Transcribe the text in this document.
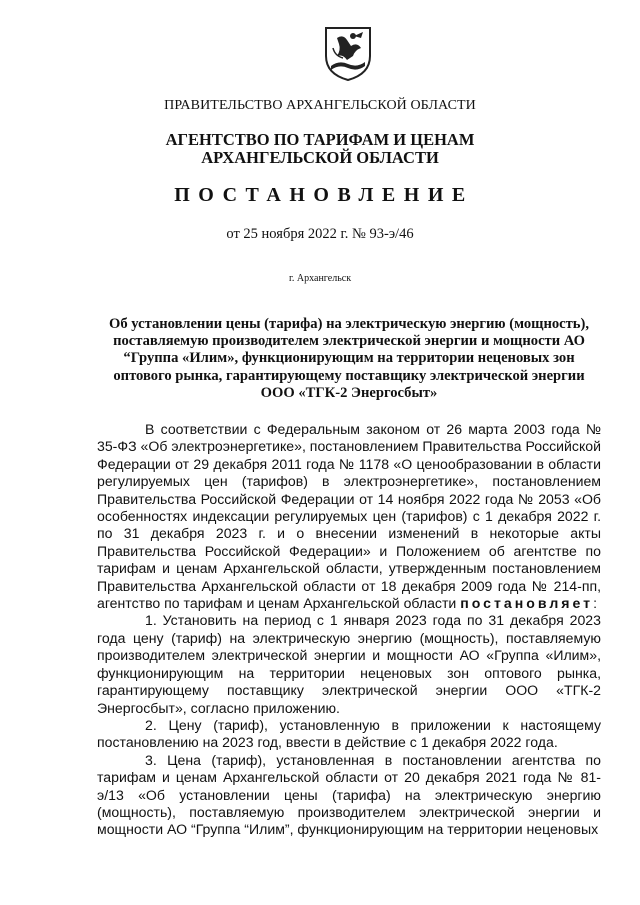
ПРАВИТЕЛЬСТВО АРХАНГЕЛЬСКОЙ ОБЛАСТИ
АГЕНТСТВО ПО ТАРИФАМ И ЦЕНАМ
АРХАНГЕЛЬСКОЙ ОБЛАСТИ
ПОСТАНОВЛЕНИЕ
от 25 ноября 2022 г. № 93-э/46
г. Архангельск
Об установлении цены (тарифа) на электрическую энергию (мощность), поставляемую производителем электрической энергии и мощности АО “Группа «Илим», функционирующим на территории неценовых зон оптового рынка, гарантирующему поставщику электрической энергии ООО «ТГК-2 Энергосбыт»

В соответствии с Федеральным законом от 26 марта 2003 года № 35-ФЗ «Об электроэнергетике», постановлением Правительства Российской Федерации от 29 декабря 2011 года № 1178 «О ценообразовании в области регулируемых цен (тарифов) в электроэнергетике», постановлением Правительства Российской Федерации от 14 ноября 2022 года № 2053 «Об особенностях индексации регулируемых цен (тарифов) с 1 декабря 2022 г. по 31 декабря 2023 г. и о внесении изменений в некоторые акты Правительства Российской Федерации» и Положением об агентстве по тарифам и ценам Архангельской области, утвержденным постановлением Правительства Архангельской области от 18 декабря 2009 года № 214-пп, агентство по тарифам и ценам Архангельской области постановляет:

1. Установить на период с 1 января 2023 года по 31 декабря 2023 года цену (тариф) на электрическую энергию (мощность), поставляемую производителем электрической энергии и мощности АО «Группа «Илим», функционирующим на территории неценовых зон оптового рынка, гарантирующему поставщику электрической энергии ООО «ТГК-2 Энергосбыт», согласно приложению.

2. Цену (тариф), установленную в приложении к настоящему постановлению на 2023 год, ввести в действие с 1 декабря 2022 года.

3. Цена (тариф), установленная в постановлении агентства по тарифам и ценам Архангельской области от 20 декабря 2021 года № 81-э/13 «Об установлении цены (тарифа) на электрическую энергию (мощность), поставляемую производителем электрической энергии и мощности АО “Группа “Илим”, функционирующим на территории неценовых
